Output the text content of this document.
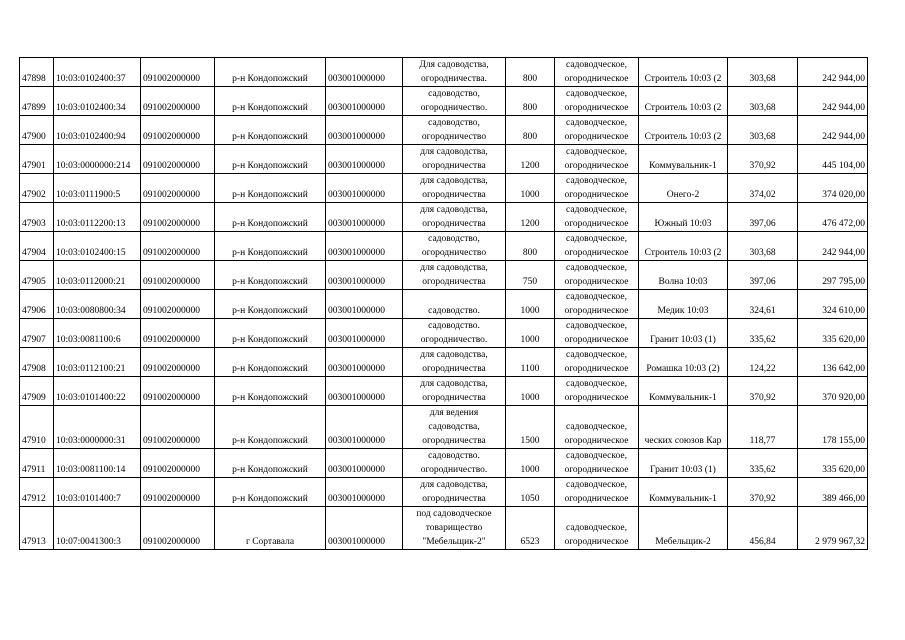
47898	10:03:0102400:37	091002000000	р-н Кондопожский	003001000000	Для садоводства,
огородничества.	800	садоводческое,
огородническое	Строитель 10:03 (2	303,68	242 944,00
47899	10:03:0102400:34	091002000000	р-н Кондопожский	003001000000	садоводство,
огородничество.	800	садоводческое,
огородническое	Строитель 10:03 (2	303,68	242 944,00
47900	10:03:0102400:94	091002000000	р-н Кондопожский	003001000000	садоводство,
огородничество	800	садоводческое,
огородническое	Строитель 10:03 (2	303,68	242 944,00
47901	10:03:0000000:214	091002000000	р-н Кондопожский	003001000000	для садоводства,
огородничества	1200	садоводческое,
огородническое	Коммувальник-1	370,92	445 104,00
47902	10:03:0111900:5	091002000000	р-н Кондопожский	003001000000	для садоводства,
огородничества	1000	садоводческое,
огородническое	Онего-2	374,02	374 020,00
47903	10:03:0112200:13	091002000000	р-н Кондопожский	003001000000	для садоводства,
огородничества	1200	садоводческое,
огородническое	Южный 10:03	397,06	476 472,00
47904	10:03:0102400:15	091002000000	р-н Кондопожский	003001000000	садоводство,
огородничество	800	садоводческое,
огородническое	Строитель 10:03 (2	303,68	242 944,00
47905	10:03:0112000:21	091002000000	р-н Кондопожский	003001000000	для садоводства,
огородничества	750	садоводческое,
огородническое	Волна 10:03	397,06	297 795,00
47906	10:03:0080800:34	091002000000	р-н Кондопожский	003001000000	садоводство.	1000	садоводческое,
огородническое	Медик 10:03	324,61	324 610,00
47907	10:03:0081100:6	091002000000	р-н Кондопожский	003001000000	садоводство.
огородничество.	1000	садоводческое,
огородническое	Гранит 10:03 (1)	335,62	335 620,00
47908	10:03:0112100:21	091002000000	р-н Кондопожский	003001000000	для садоводства,
огородничества	1100	садоводческое,
огородническое	Ромашка 10:03 (2)	124,22	136 642,00
47909	10:03:0101400:22	091002000000	р-н Кондопожский	003001000000	для садоводства,
огородничества	1000	садоводческое,
огородническое	Коммувальник-1	370,92	370 920,00
47910	10:03:0000000:31	091002000000	р-н Кондопожский	003001000000	для ведения
садоводства,
огородничества	1500	садоводческое,
огородническое	ческих союзов Кар	118,77	178 155,00
47911	10:03:0081100:14	091002000000	р-н Кондопожский	003001000000	садоводство.
огородничество.	1000	садоводческое,
огородническое	Гранит 10:03 (1)	335,62	335 620,00
47912	10:03:0101400:7	091002000000	р-н Кондопожский	003001000000	для садоводства,
огородничества	1050	садоводческое,
огородническое	Коммувальник-1	370,92	389 466,00
47913	10:07:0041300:3	091002000000	г Сортавала	003001000000	под садоводческое
товарищество
"Мебельщик-2"	6523	садоводческое,
огородническое	Мебельщик-2	456,84	2 979 967,32
